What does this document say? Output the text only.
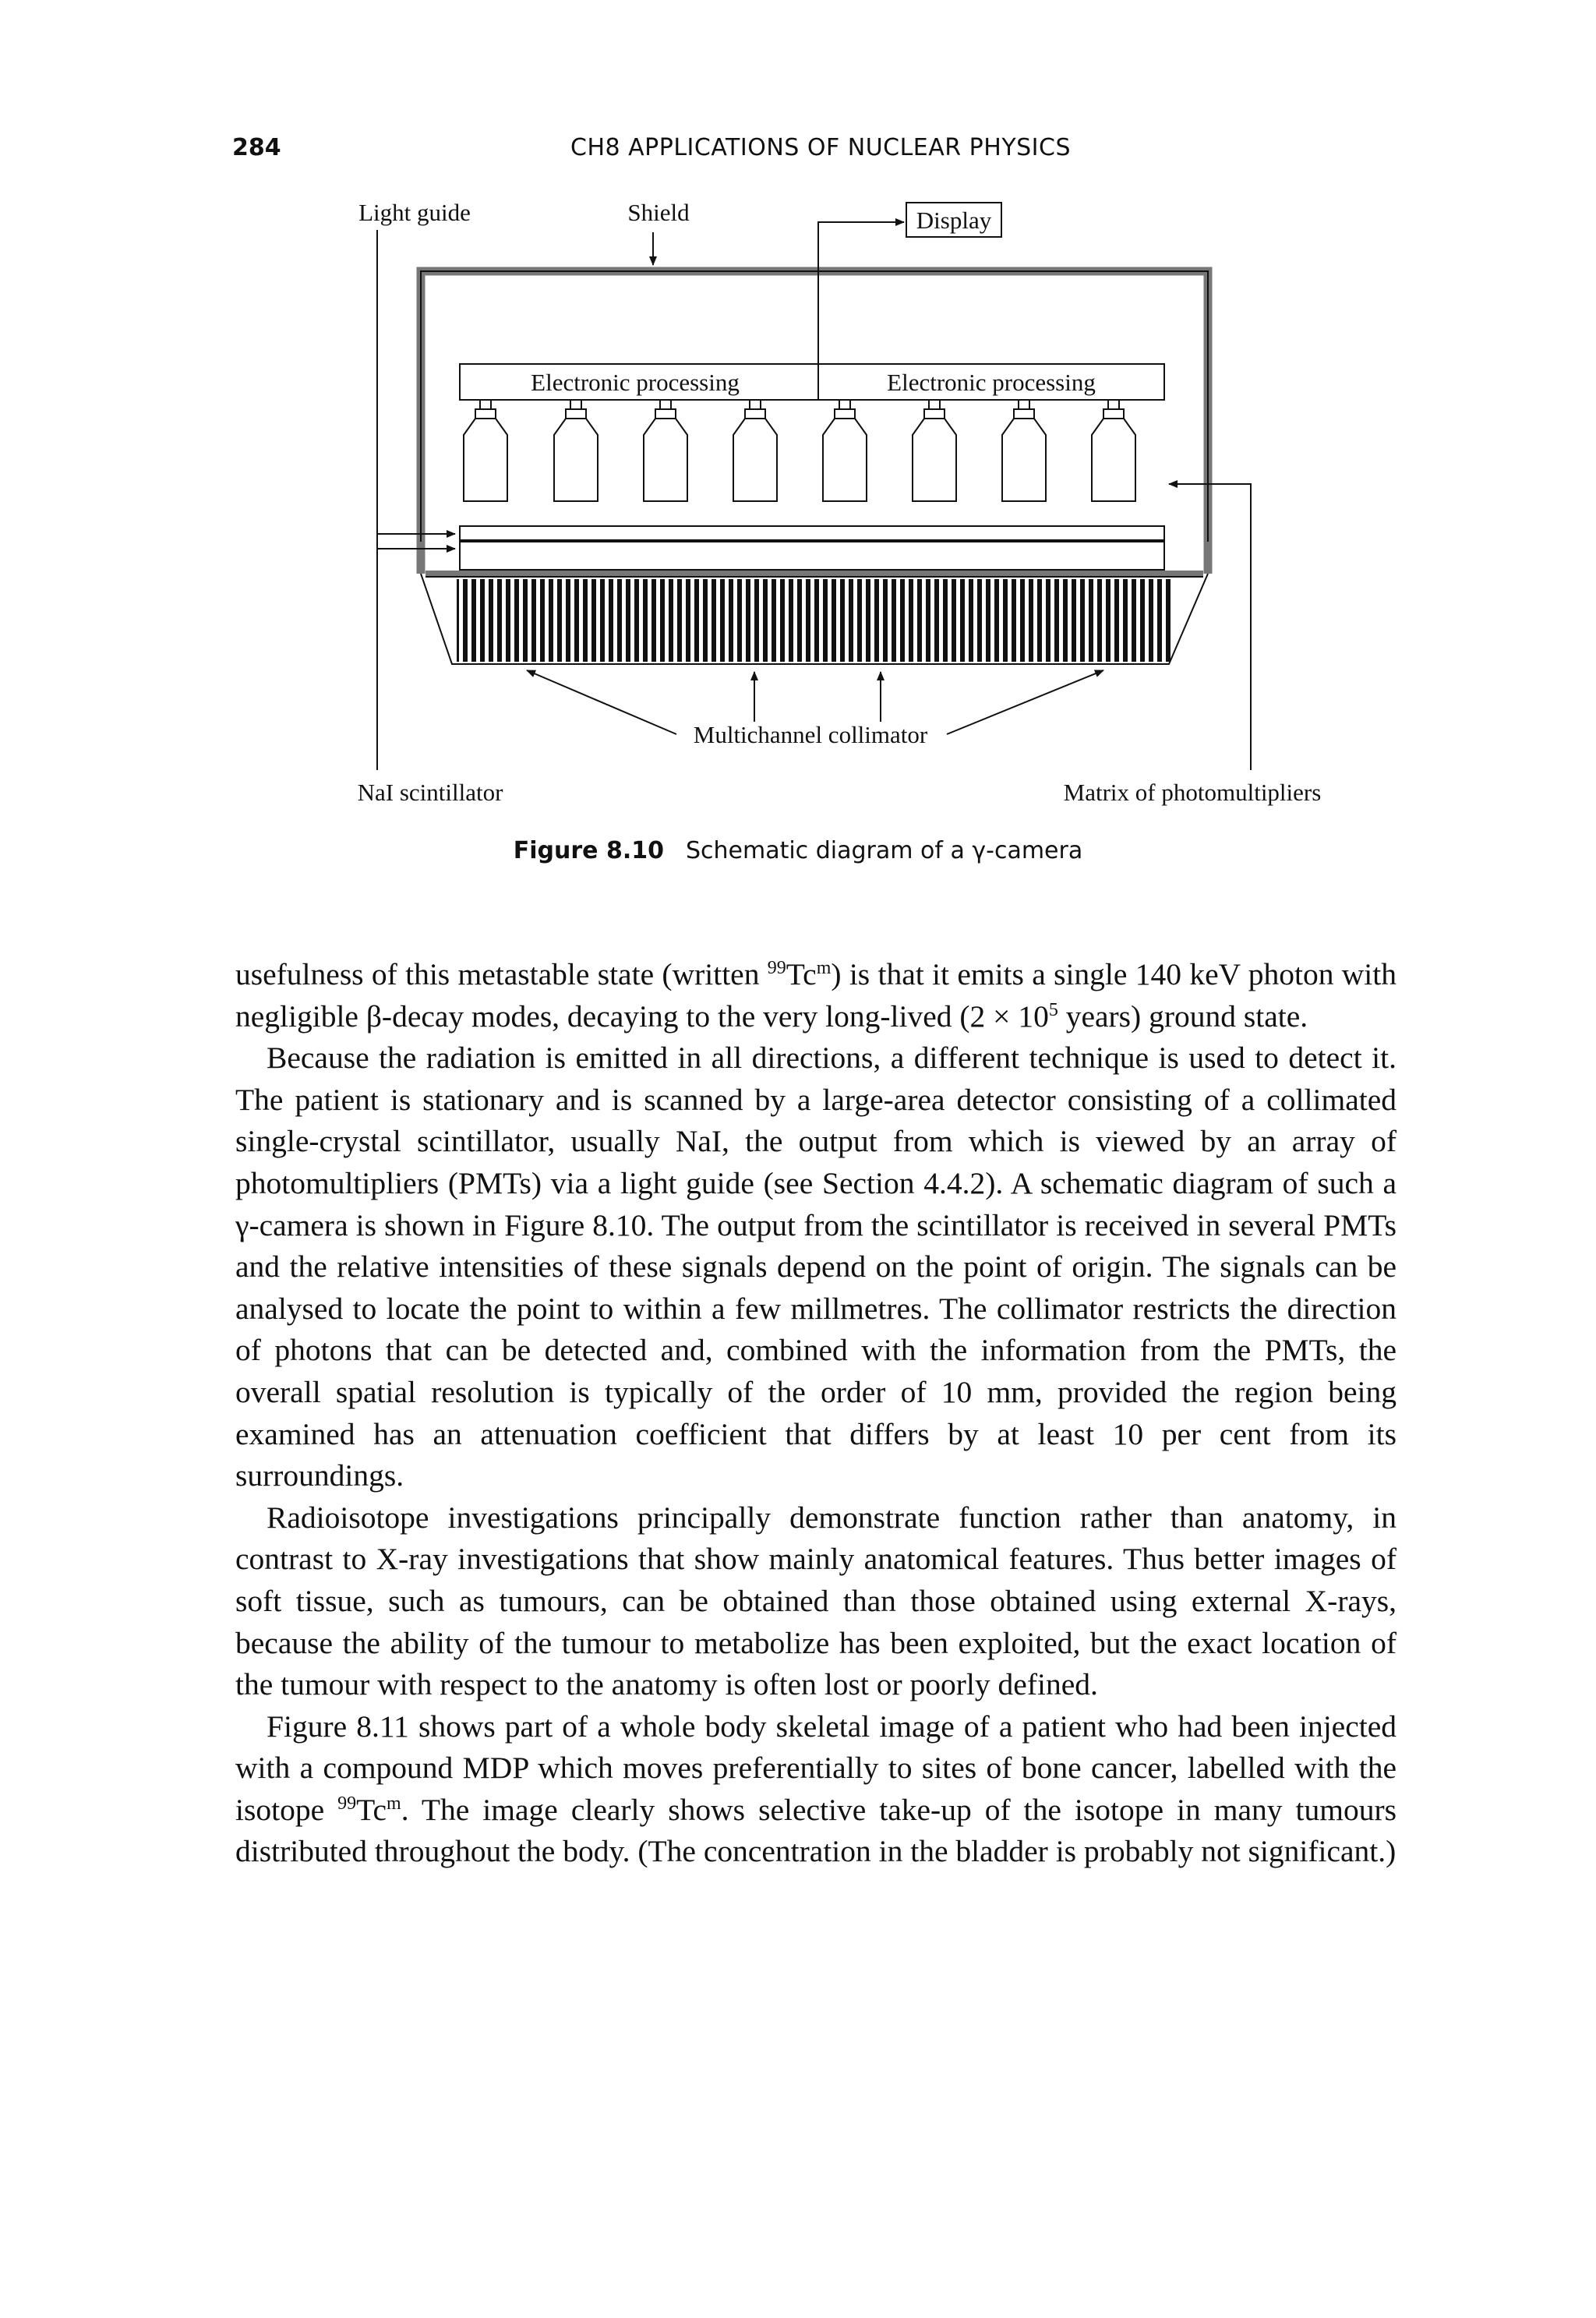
284	CH8 APPLICATIONS OF NUCLEAR PHYSICS
Electronic processing	Electronic processing
Display
Light guide	Shield
NaI scintillator	Matrix of photomultipliers
Multichannel collimator
Figure 8.10 Schematic diagram of a γ-camera

usefulness of this metastable state (written $^{99}$Tc$^m$) is that it emits a single 140 keV photon with negligible β-decay modes, decaying to the very long-lived ($2 \times 10^5$ years) ground state.

Because the radiation is emitted in all directions, a different technique is used to detect it. The patient is stationary and is scanned by a large-area detector consisting of a collimated single-crystal scintillator, usually NaI, the output from which is viewed by an array of photomultipliers (PMTs) via a light guide (see Section 4.4.2). A schematic diagram of such a γ-camera is shown in Figure 8.10. The output from the scintillator is received in several PMTs and the relative intensities of these signals depend on the point of origin. The signals can be analysed to locate the point to within a few millmetres. The collimator restricts the direction of photons that can be detected and, combined with the information from the PMTs, the overall spatial resolution is typically of the order of 10 mm, provided the region being examined has an attenuation coefficient that differs by at least 10 per cent from its surroundings.

Radioisotope investigations principally demonstrate function rather than anatomy, in contrast to X-ray investigations that show mainly anatomical features. Thus better images of soft tissue, such as tumours, can be obtained than those obtained using external X-rays, because the ability of the tumour to metabolize has been exploited, but the exact location of the tumour with respect to the anatomy is often lost or poorly defined.

Figure 8.11 shows part of a whole body skeletal image of a patient who had been injected with a compound MDP which moves preferentially to sites of bone cancer, labelled with the isotope $^{99}$Tc$^m$. The image clearly shows selective take-up of the isotope in many tumours distributed throughout the body. (The concentration in the bladder is probably not significant.)
